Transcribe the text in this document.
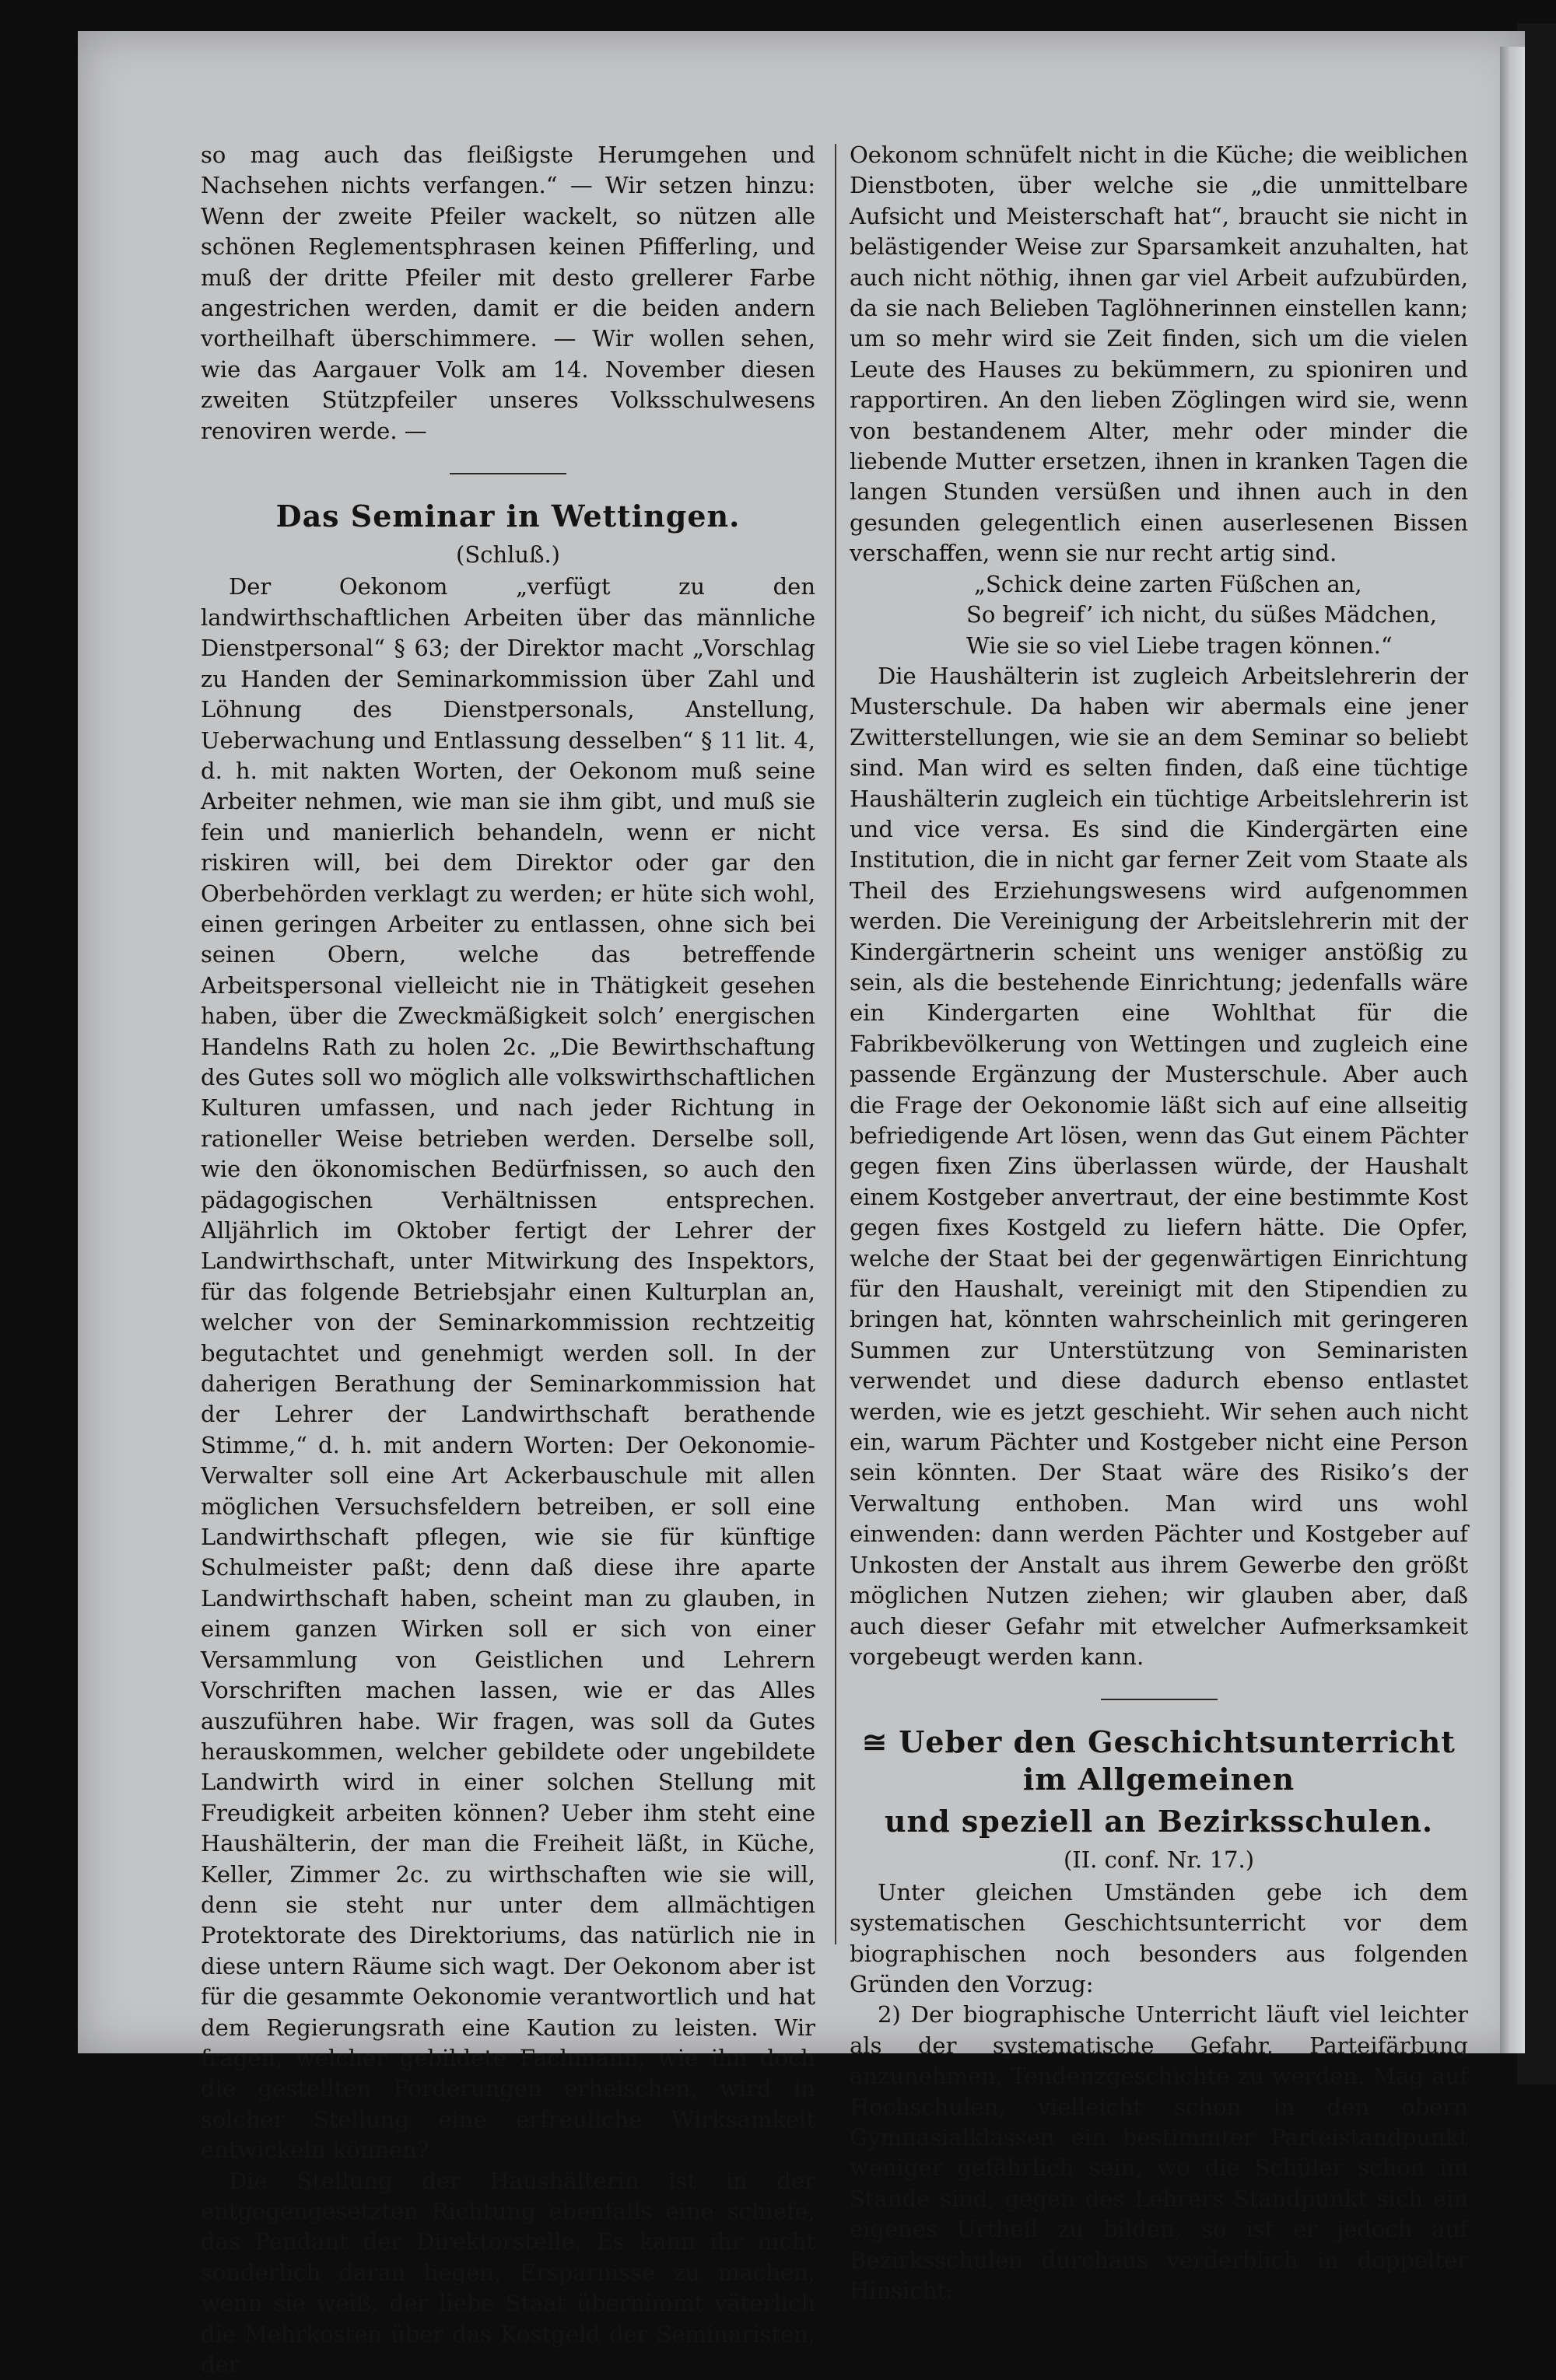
so mag auch das fleißigste Herumgehen und Nachsehen nichts verfangen.“ — Wir setzen hinzu: Wenn der zweite Pfeiler wackelt, so nützen alle schönen Reglementsphrasen keinen Pfifferling, und muß der dritte Pfeiler mit desto grellerer Farbe angestrichen werden, damit er die beiden andern vortheilhaft überschimmere. — Wir wollen sehen, wie das Aargauer Volk am 14. November diesen zweiten Stützpfeiler unseres Volksschulwesens renoviren werde. —

Das Seminar in Wettingen.
(Schluß.)

Der Oekonom „verfügt zu den landwirthschaftlichen Arbeiten über das männliche Dienstpersonal“ § 63; der Direktor macht „Vorschlag zu Handen der Seminarkommission über Zahl und Löhnung des Dienstpersonals, Anstellung, Ueberwachung und Entlassung desselben“ § 11 lit. 4, d. h. mit nakten Worten, der Oekonom muß seine Arbeiter nehmen, wie man sie ihm gibt, und muß sie fein und manierlich behandeln, wenn er nicht riskiren will, bei dem Direktor oder gar den Oberbehörden verklagt zu werden; er hüte sich wohl, einen geringen Arbeiter zu entlassen, ohne sich bei seinen Obern, welche das betreffende Arbeitspersonal vielleicht nie in Thätigkeit gesehen haben, über die Zweckmäßigkeit solch’ energischen Handelns Rath zu holen 2c. „Die Bewirthschaftung des Gutes soll wo möglich alle volkswirthschaftlichen Kulturen umfassen, und nach jeder Richtung in rationeller Weise betrieben werden. Derselbe soll, wie den ökonomischen Bedürfnissen, so auch den pädagogischen Verhältnissen entsprechen. Alljährlich im Oktober fertigt der Lehrer der Landwirthschaft, unter Mitwirkung des Inspektors, für das folgende Betriebsjahr einen Kulturplan an, welcher von der Seminarkommission rechtzeitig begutachtet und genehmigt werden soll. In der daherigen Berathung der Seminarkommission hat der Lehrer der Landwirthschaft berathende Stimme,“ d. h. mit andern Worten: Der Oekonomie-Verwalter soll eine Art Ackerbauschule mit allen möglichen Versuchsfeldern betreiben, er soll eine Landwirthschaft pflegen, wie sie für künftige Schulmeister paßt; denn daß diese ihre aparte Landwirthschaft haben, scheint man zu glauben, in einem ganzen Wirken soll er sich von einer Versammlung von Geistlichen und Lehrern Vorschriften machen lassen, wie er das Alles auszuführen habe. Wir fragen, was soll da Gutes herauskommen, welcher gebildete oder ungebildete Landwirth wird in einer solchen Stellung mit Freudigkeit arbeiten können? Ueber ihm steht eine Haushälterin, der man die Freiheit läßt, in Küche, Keller, Zimmer 2c. zu wirthschaften wie sie will, denn sie steht nur unter dem allmächtigen Protektorate des Direktoriums, das natürlich nie in diese untern Räume sich wagt. Der Oekonom aber ist für die gesammte Oekonomie verantwortlich und hat dem Regierungsrath eine Kaution zu leisten. Wir fragen, welcher gebildete Fachmann, wie ihn doch die gestellten Forderungen erheischen, wird in solcher Stellung eine erfreuliche Wirksamkeit entwickeln können?

Die Stellung der Haushälterin ist in der entgegengesetzten Richtung ebenfalls eine schiefe, das Pendant der Direktorstelle. Es kann ihr nicht sonderlich daran liegen, Ersparnisse zu machen, wenn sie weiß, der liebe Staat übernimmt väterlich die Mehrkosten über das Kostgeld der Seminaristen, der

Oekonom schnüfelt nicht in die Küche; die weiblichen Dienstboten, über welche sie „die unmittelbare Aufsicht und Meisterschaft hat“, braucht sie nicht in belästigender Weise zur Sparsamkeit anzuhalten, hat auch nicht nöthig, ihnen gar viel Arbeit aufzubürden, da sie nach Belieben Taglöhnerinnen einstellen kann; um so mehr wird sie Zeit finden, sich um die vielen Leute des Hauses zu bekümmern, zu spioniren und rapportiren. An den lieben Zöglingen wird sie, wenn von bestandenem Alter, mehr oder minder die liebende Mutter ersetzen, ihnen in kranken Tagen die langen Stunden versüßen und ihnen auch in den gesunden gelegentlich einen auserlesenen Bissen verschaffen, wenn sie nur recht artig sind.

„Schick deine zarten Füßchen an,
So begreif’ ich nicht, du süßes Mädchen,
Wie sie so viel Liebe tragen können.“

Die Haushälterin ist zugleich Arbeitslehrerin der Musterschule. Da haben wir abermals eine jener Zwitterstellungen, wie sie an dem Seminar so beliebt sind. Man wird es selten finden, daß eine tüchtige Haushälterin zugleich ein tüchtige Arbeitslehrerin ist und vice versa. Es sind die Kindergärten eine Institution, die in nicht gar ferner Zeit vom Staate als Theil des Erziehungswesens wird aufgenommen werden. Die Vereinigung der Arbeitslehrerin mit der Kindergärtnerin scheint uns weniger anstößig zu sein, als die bestehende Einrichtung; jedenfalls wäre ein Kindergarten eine Wohlthat für die Fabrikbevölkerung von Wettingen und zugleich eine passende Ergänzung der Musterschule. Aber auch die Frage der Oekonomie läßt sich auf eine allseitig befriedigende Art lösen, wenn das Gut einem Pächter gegen fixen Zins überlassen würde, der Haushalt einem Kostgeber anvertraut, der eine bestimmte Kost gegen fixes Kostgeld zu liefern hätte. Die Opfer, welche der Staat bei der gegenwärtigen Einrichtung für den Haushalt, vereinigt mit den Stipendien zu bringen hat, könnten wahrscheinlich mit geringeren Summen zur Unterstützung von Seminaristen verwendet und diese dadurch ebenso entlastet werden, wie es jetzt geschieht. Wir sehen auch nicht ein, warum Pächter und Kostgeber nicht eine Person sein könnten. Der Staat wäre des Risiko’s der Verwaltung enthoben. Man wird uns wohl einwenden: dann werden Pächter und Kostgeber auf Unkosten der Anstalt aus ihrem Gewerbe den größt möglichen Nutzen ziehen; wir glauben aber, daß auch dieser Gefahr mit etwelcher Aufmerksamkeit vorgebeugt werden kann.

≅ Ueber den Geschichtsunterricht im Allgemeinen
und speziell an Bezirksschulen.
(II. conf. Nr. 17.)

Unter gleichen Umständen gebe ich dem systematischen Geschichtsunterricht vor dem biographischen noch besonders aus folgenden Gründen den Vorzug:

2) Der biographische Unterricht läuft viel leichter als der systematische Gefahr, Parteifärbung anzunehmen, Tendenzgeschichte zu werden. Mag auf Hochschulen, vielleicht schon in den obern Gymnasialklassen ein bestimmter Parteistandpunkt weniger gefährlich sein, wo die Schüler schon im Stande sind, gegen des Lehrers Standpunkt sich ein eigenes Urtheil zu bilden, so ist er jedoch auf Bezirksschulen durchaus verderblich in doppelter Hinsicht:
